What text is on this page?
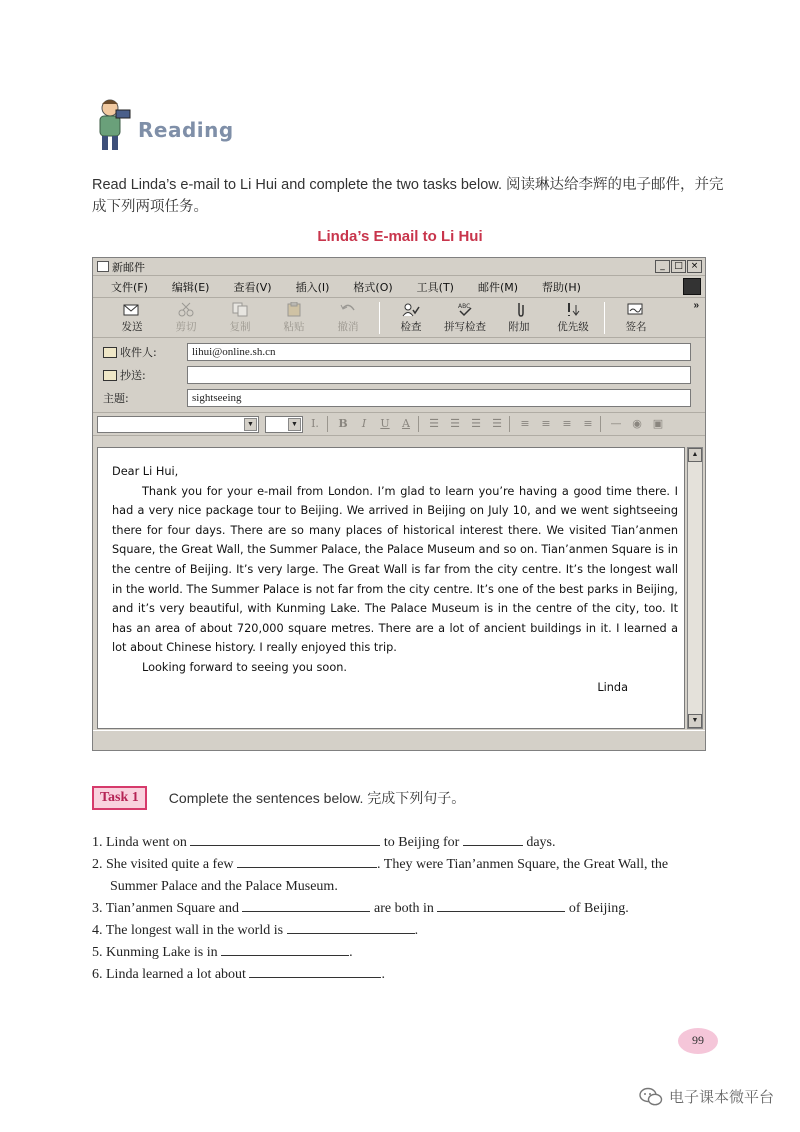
Reading

Read Linda’s e-mail to Li Hui and complete the two tasks below. 阅读琳达给李辉的电子邮件，并完成下列两项任务。

Linda’s E-mail to Li Hui
新邮件	_	□ ×
文件(F) 编辑(E) 查看(V) 插入(I) 格式(O) 工具(T) 邮件(M) 帮助(H)
发送	剪切	复制	粘贴	撤消	检查
ABC
拼写检查 附加	优先级	签名
»
收件人:	lihui@online.sh.cn
抄送:
主题:	sightseeing
▼	▼	I.	B	I	U	A	☰	☰	☰	☰	≡	≡	≡	≡	— ◉	▣

Dear Li Hui,

Thank you for your e-mail from London. I’m glad to learn you’re having a good time there. I had a very nice package tour to Beijing. We arrived in Beijing on July 10, and we went sightseeing there for four days. There are so many places of historical interest there. We visited Tian’anmen Square, the Great Wall, the Summer Palace, the Palace Museum and so on. Tian’anmen Square is in the centre of Beijing. It’s very large. The Great Wall is far from the city centre. It’s the longest wall in the world. The Summer Palace is not far from the city centre. It’s one of the best parks in Beijing, and it’s very beautiful, with Kunming Lake. The Palace Museum is in the centre of the city, too. It has an area of about 720,000 square metres. There are a lot of ancient buildings in it. I learned a lot about Chinese history. I really enjoyed this trip.

Looking forward to seeing you soon.

Linda

▲
▼
Task 1	Complete the sentences below. 完成下列句子。
1. Linda went on	to Beijing for	days.
2. She visited quite a few	. They were Tian’anmen Square, the Great Wall, the
Summer Palace and the Palace Museum.
3. Tian’anmen Square and	are both in	of Beijing.
4. The longest wall in the world is	.
5. Kunming Lake is in	.
6. Linda learned a lot about	.
99
电子课本微平台
